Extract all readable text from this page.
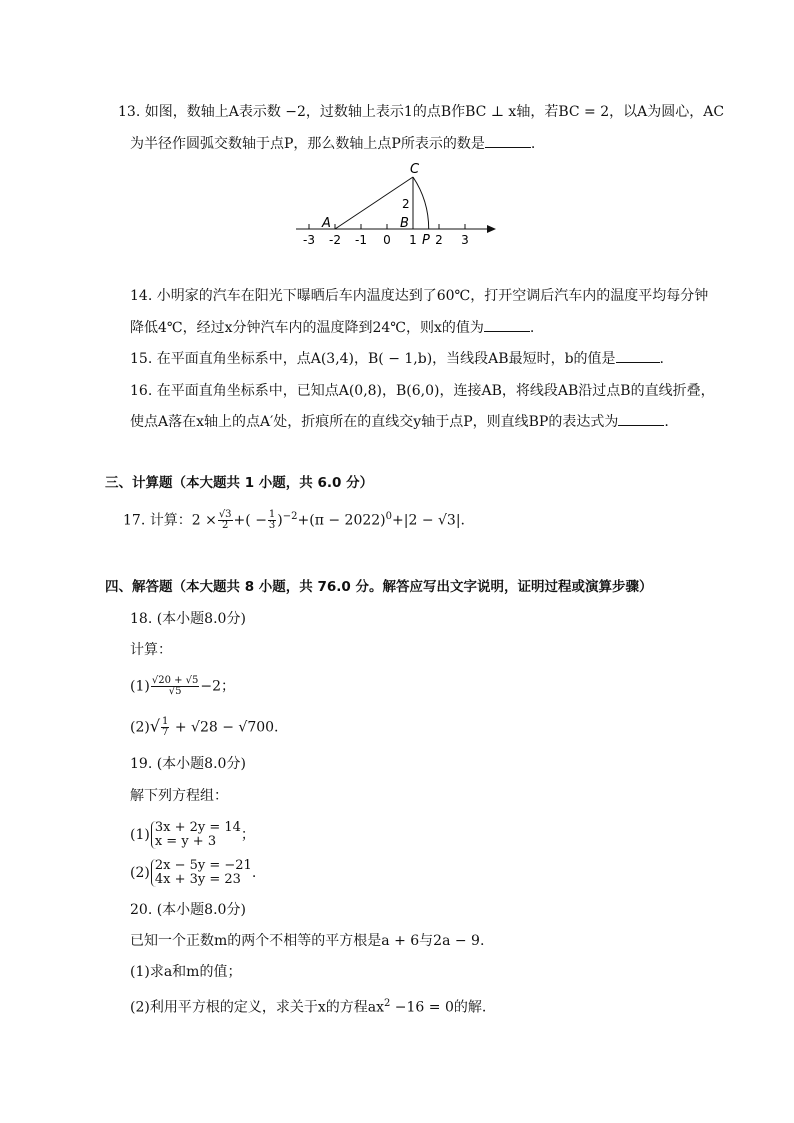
13. 如图，数轴上A表示数 −2，过数轴上表示1的点B作BC ⊥ x轴，若BC = 2，以A为圆心，AC
为半径作圆弧交数轴于点P，那么数轴上点P所表示的数是	.
-3 -2 -1 0 1 2 3
C
A	B
2
P
14. 小明家的汽车在阳光下曝晒后车内温度达到了60℃，打开空调后汽车内的温度平均每分钟
降低4℃，经过x分钟汽车内的温度降到24℃，则x的值为	.
15. 在平面直角坐标系中，点A(3,4)，B( − 1,b)，当线段AB最短时，b的值是	.
16. 在平面直角坐标系中，已知点A(0,8)，B(6,0)，连接AB，将线段AB沿过点B的直线折叠，
使点A落在x轴上的点A′处，折痕所在的直线交y轴于点P，则直线BP的表达式为	.
三、计算题（本大题共 1 小题，共 6.0 分）
17. 计算：$2 \times \frac{√3}{2}$ +( − $\frac{1}{3} )^{-2}+(\pi - 2022)^0+|2 - √3|$.
四、解答题（本大题共 8 小题，共 76.0 分。解答应写出文字说明，证明过程或演算步骤）
18. (本小题8.0分)
计算：
$(1) \frac{√20 + √5}{√5} -2$；
$(2)√ \frac{1}{7} + √28 - √700$.
19. (本小题8.0分)
解下列方程组：
(1) 3x + 2y = 14
x = y + 3	；
(2) 2x − 5y = −21
4x + 3y = 23 .
20. (本小题8.0分)
已知一个正数m的两个不相等的平方根是a + 6与2a − 9.
(1)求a和m的值；
(2)利用平方根的定义，求关于x的方程$ax^2 -16 = 0$的解.
